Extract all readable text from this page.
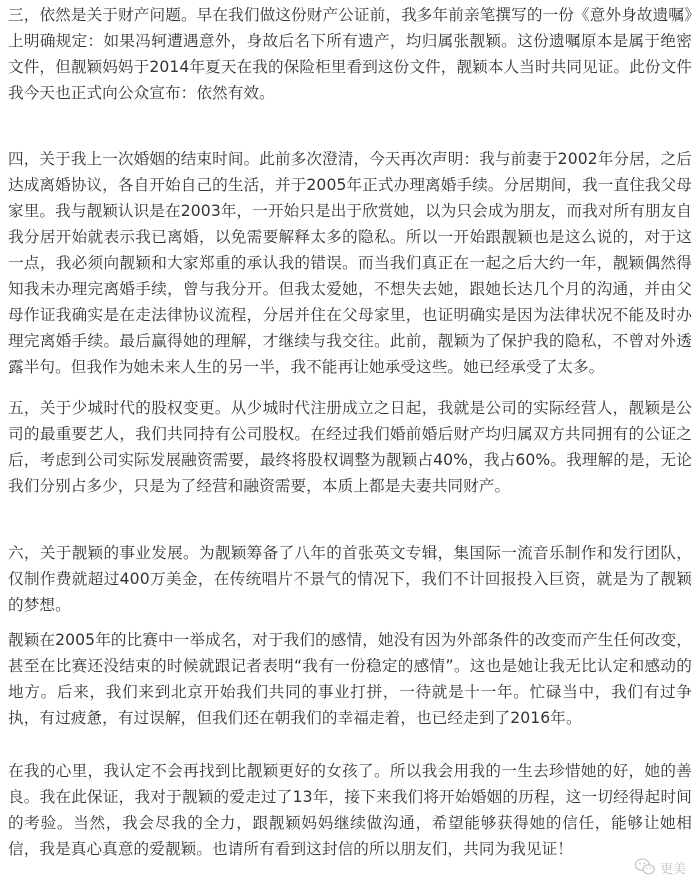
三，依然是关于财产问题。早在我们做这份财产公证前，我多年前亲笔撰写的一份《意外身故遗嘱》上明确规定：如果冯轲遭遇意外，身故后名下所有遗产，均归属张靓颖。这份遗嘱原本是属于绝密文件，但靓颖妈妈于2014年夏天在我的保险柜里看到这份文件，靓颖本人当时共同见证。此份文件我今天也正式向公众宣布：依然有效。

四，关于我上一次婚姻的结束时间。此前多次澄清，今天再次声明：我与前妻于2002年分居，之后达成离婚协议，各自开始自己的生活，并于2005年正式办理离婚手续。分居期间，我一直住我父母家里。我与靓颖认识是在2003年，一开始只是出于欣赏她，以为只会成为朋友，而我对所有朋友自我分居开始就表示我已离婚，以免需要解释太多的隐私。所以一开始跟靓颖也是这么说的，对于这一点，我必须向靓颖和大家郑重的承认我的错误。而当我们真正在一起之后大约一年，靓颖偶然得知我未办理完离婚手续，曾与我分开。但我太爱她，不想失去她，跟她长达几个月的沟通，并由父母作证我确实是在走法律协议流程，分居并住在父母家里，也证明确实是因为法律状况不能及时办理完离婚手续。最后赢得她的理解，才继续与我交往。此前，靓颖为了保护我的隐私，不曾对外透露半句。但我作为她未来人生的另一半，我不能再让她承受这些。她已经承受了太多。

五，关于少城时代的股权变更。从少城时代注册成立之日起，我就是公司的实际经营人，靓颖是公司的最重要艺人，我们共同持有公司股权。在经过我们婚前婚后财产均归属双方共同拥有的公证之后，考虑到公司实际发展融资需要，最终将股权调整为靓颖占40%，我占60%。我理解的是，无论我们分别占多少，只是为了经营和融资需要，本质上都是夫妻共同财产。

六，关于靓颖的事业发展。为靓颖筹备了八年的首张英文专辑，集国际一流音乐制作和发行团队，仅制作费就超过400万美金，在传统唱片不景气的情况下，我们不计回报投入巨资，就是为了靓颖的梦想。

靓颖在2005年的比赛中一举成名，对于我们的感情，她没有因为外部条件的改变而产生任何改变，甚至在比赛还没结束的时候就跟记者表明“我有一份稳定的感情”。这也是她让我无比认定和感动的地方。后来，我们来到北京开始我们共同的事业打拼，一待就是十一年。忙碌当中，我们有过争执，有过疲惫，有过误解，但我们还在朝我们的幸福走着，也已经走到了2016年。

在我的心里，我认定不会再找到比靓颖更好的女孩了。所以我会用我的一生去珍惜她的好，她的善良。我在此保证，我对于靓颖的爱走过了13年，接下来我们将开始婚姻的历程，这一切经得起时间的考验。当然，我会尽我的全力，跟靓颖妈妈继续做沟通，希望能够获得她的信任，能够让她相信，我是真心真意的爱靓颖。也请所有看到这封信的所以朋友们，共同为我见证！

更美
